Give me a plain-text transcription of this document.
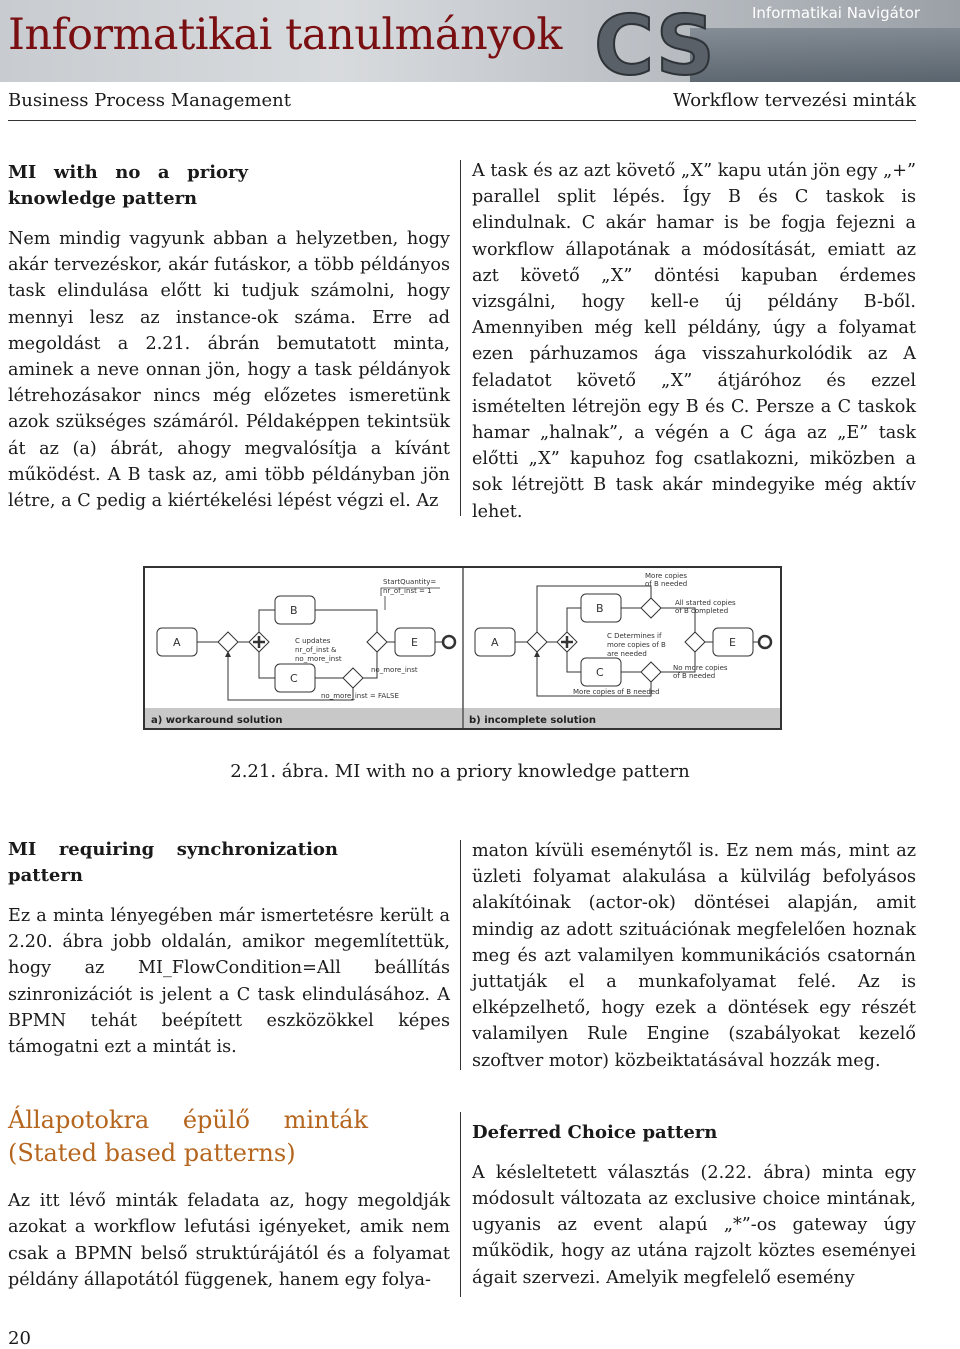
Informatikai tanulmányok CS Informatikai Navigátor
Business Process Management	Workflow tervezési minták
MI with no a priory knowledge pattern

Nem mindig vagyunk abban a helyzetben, hogy akár tervezéskor, akár futáskor, a több példányos task elindulása előtt ki tudjuk számolni, hogy mennyi lesz az instance-ok száma. Erre ad megoldást a 2.21. ábrán bemutatott minta, aminek a neve onnan jön, hogy a task példányok létrehozásakor nincs még előzetes ismeretünk azok szükséges számáról. Példaképpen tekintsük át az (a) ábrát, ahogy megvalósítja a kívánt működést. A B task az, ami több példányban jön létre, a C pedig a kiértékelési lépést végzi el. Az

A task és az azt követő „X” kapu után jön egy „+” parallel split lépés. Így B és C taskok is elindulnak. C akár hamar is be fogja fejezni a workflow állapotának a módosítását, emiatt az azt követő „X” döntési kapuban érdemes vizsgálni, hogy kell-e új példány B-ből. Amennyiben még kell példány, úgy a folyamat ezen párhuzamos ága visszahurkolódik az A feladatot követő „X” átjáróhoz és ezzel ismételten létrejön egy B és C. Persze a C taskok hamar „halnak”, a végén a C ága az „E” task előtti „X” kapuhoz fog csatlakozni, miközben a sok létrejött B task akár mindegyike még aktív lehet.

a) workaround solution	b) incomplete solution
A
B
C
E
StartQuantity=
nr_of_inst = 1
C updates
nr_of_inst &
no_more_inst
no_more_inst
no_more_inst = FALSE
A
B
C
E
More copies
of B needed
All started copies
of B completed
C Determines if
more copies of B
are needed
No more copies
of B needed
More copies of B needed
2.21. ábra. MI with no a priory knowledge pattern
MI requiring synchronization pattern

Ez a minta lényegében már ismertetésre került a 2.20. ábra jobb oldalán, amikor megemlítettük, hogy az MI_FlowCondition=All beállítás szinronizációt is jelent a C task elindulásához. A BPMN tehát beépített eszközökkel képes támogatni ezt a mintát is.

Állapotokra épülő minták (Stated based patterns)

Az itt lévő minták feladata az, hogy megoldják azokat a workflow lefutási igényeket, amik nem csak a BPMN belső struktúrájától és a folyamat példány állapotától függenek, hanem egy folya-

maton kívüli eseménytől is. Ez nem más, mint az üzleti folyamat alakulása a külvilág befolyásos alakítóinak (actor-ok) döntései alapján, amit mindig az adott szituációnak megfelelően hoznak meg és azt valamilyen kommunikációs csatornán juttatják el a munkafolyamat felé. Az is elképzelhető, hogy ezek a döntések egy részét valamilyen Rule Engine (szabályokat kezelő szoftver motor) közbeiktatásával hozzák meg.

Deferred Choice pattern

A késleltetett választás (2.22. ábra) minta egy módosult változata az exclusive choice mintának, ugyanis az event alapú „*”-os gateway úgy működik, hogy az utána rajzolt köztes eseményei ágait szervezi. Amelyik megfelelő esemény

20
